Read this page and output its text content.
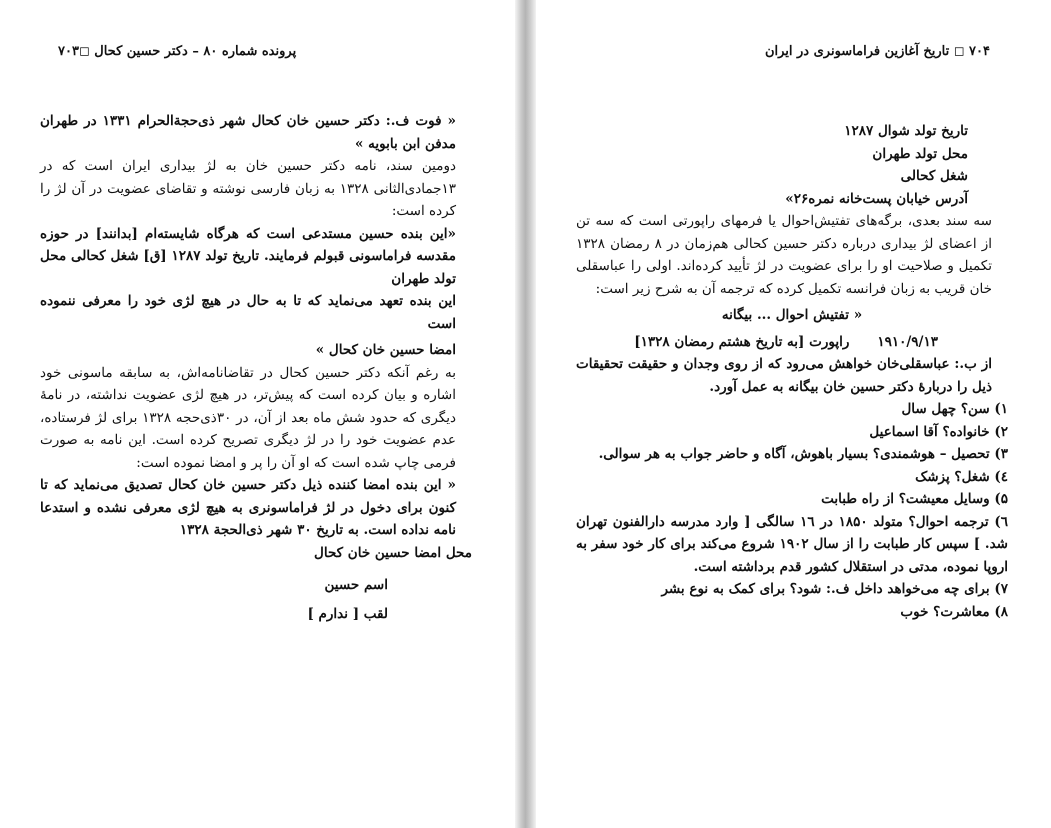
پرونده شماره ۸۰ – دکتر حسین کحال ◻۷۰۳

« فوت ف.: دکتر حسین خان کحال شهر ذی‌حجةالحرام ۱۳۳۱ در طهران مدفن ابن بابویه »

دومین سند، نامه دکتر حسین خان به لژ بیداری ایران است که در ۱۳جمادی‌الثانی ۱۳۲۸ به زبان فارسی نوشته و تقاضای عضویت در آن لژ را کرده است:

«این بنده حسین مستدعی است که هرگاه شایسته‌ام [بدانند] در حوزه مقدسه فراماسونی قبولم فرمایند. تاریخ تولد ۱۲۸۷ [ق] شغل کحالی محل تولد طهران

این بنده تعهد می‌نماید که تا به حال در هیچ لژی خود را معرفی ننموده است

امضا حسین خان کحال »

به رغم آنکه دکتر حسین کحال در تقاضانامه‌اش، به سابقه ماسونی خود اشاره و بیان کرده است که پیش‌تر، در هیچ لژی عضویت نداشته، در نامهٔ دیگری که حدود شش ماه بعد از آن، در ۳۰ذی‌حجه ۱۳۲۸ برای لژ فرستاده، عدم عضویت خود را در لژ دیگری تصریح کرده است. این نامه به صورت فرمی چاپ شده است که او آن را پر و امضا نموده است:

« این بنده امضا کننده ذیل دکتر حسین خان کحال تصدیق می‌نماید که تا کنون برای دخول در لژ فراماسونری به هیچ لژی معرفی نشده و استدعا نامه نداده است. به تاریخ ۳۰ شهر ذی‌الحجة ۱۳۲۸

محل امضا حسین خان کحال

اسم حسین

لقب [ ندارم ]

۷۰۴ ◻ تاریخ آغازین فراماسونری در ایران

تاریخ تولد شوال ۱۲۸۷

محل تولد طهران

شغل کحالی

آدرس خیابان پست‌خانه نمره۲۶»

سه سند بعدی، برگه‌های تفتیش‌احوال یا فرمهای راپورتی است که سه تن از اعضای لژ بیداری درباره دکتر حسین کحالی هم‌زمان در ۸ رمضان ۱۳۲۸ تکمیل و صلاحیت او را برای عضویت در لژ تأیید کرده‌اند. اولی را عباسقلی خان قریب به زبان فرانسه تکمیل کرده که ترجمه آن به شرح زیر است:

« تفتیش احوال ... بیگانه

۱۹۱۰/۹/۱۳

راپورت [به تاریخ هشتم رمضان ۱۳۲۸]

از ب.: عباسقلی‌خان خواهش می‌رود که از روی وجدان و حقیقت تحقیقات ذیل را دربارهٔ دکتر حسین خان بیگانه به عمل آورد.

۱) سن؟ چهل سال

۲) خانواده؟ آقا اسماعیل

۳) تحصیل – هوشمندی؟ بسیار باهوش، آگاه و حاضر جواب به هر سوالی.

٤) شغل؟ پزشک

۵) وسایل معیشت؟ از راه طبابت

٦) ترجمه احوال؟ متولد ۱۸۵۰ در ۱٦ سالگی [ وارد مدرسه دارالفنون تهران شد. ] سپس کار طبابت را از سال ۱۹۰۲ شروع می‌کند برای کار خود سفر به اروپا نموده، مدتی در استقلال کشور قدم برداشته است.

۷) برای چه می‌خواهد داخل ف.: شود؟ برای کمک به نوع بشر

۸) معاشرت؟ خوب
